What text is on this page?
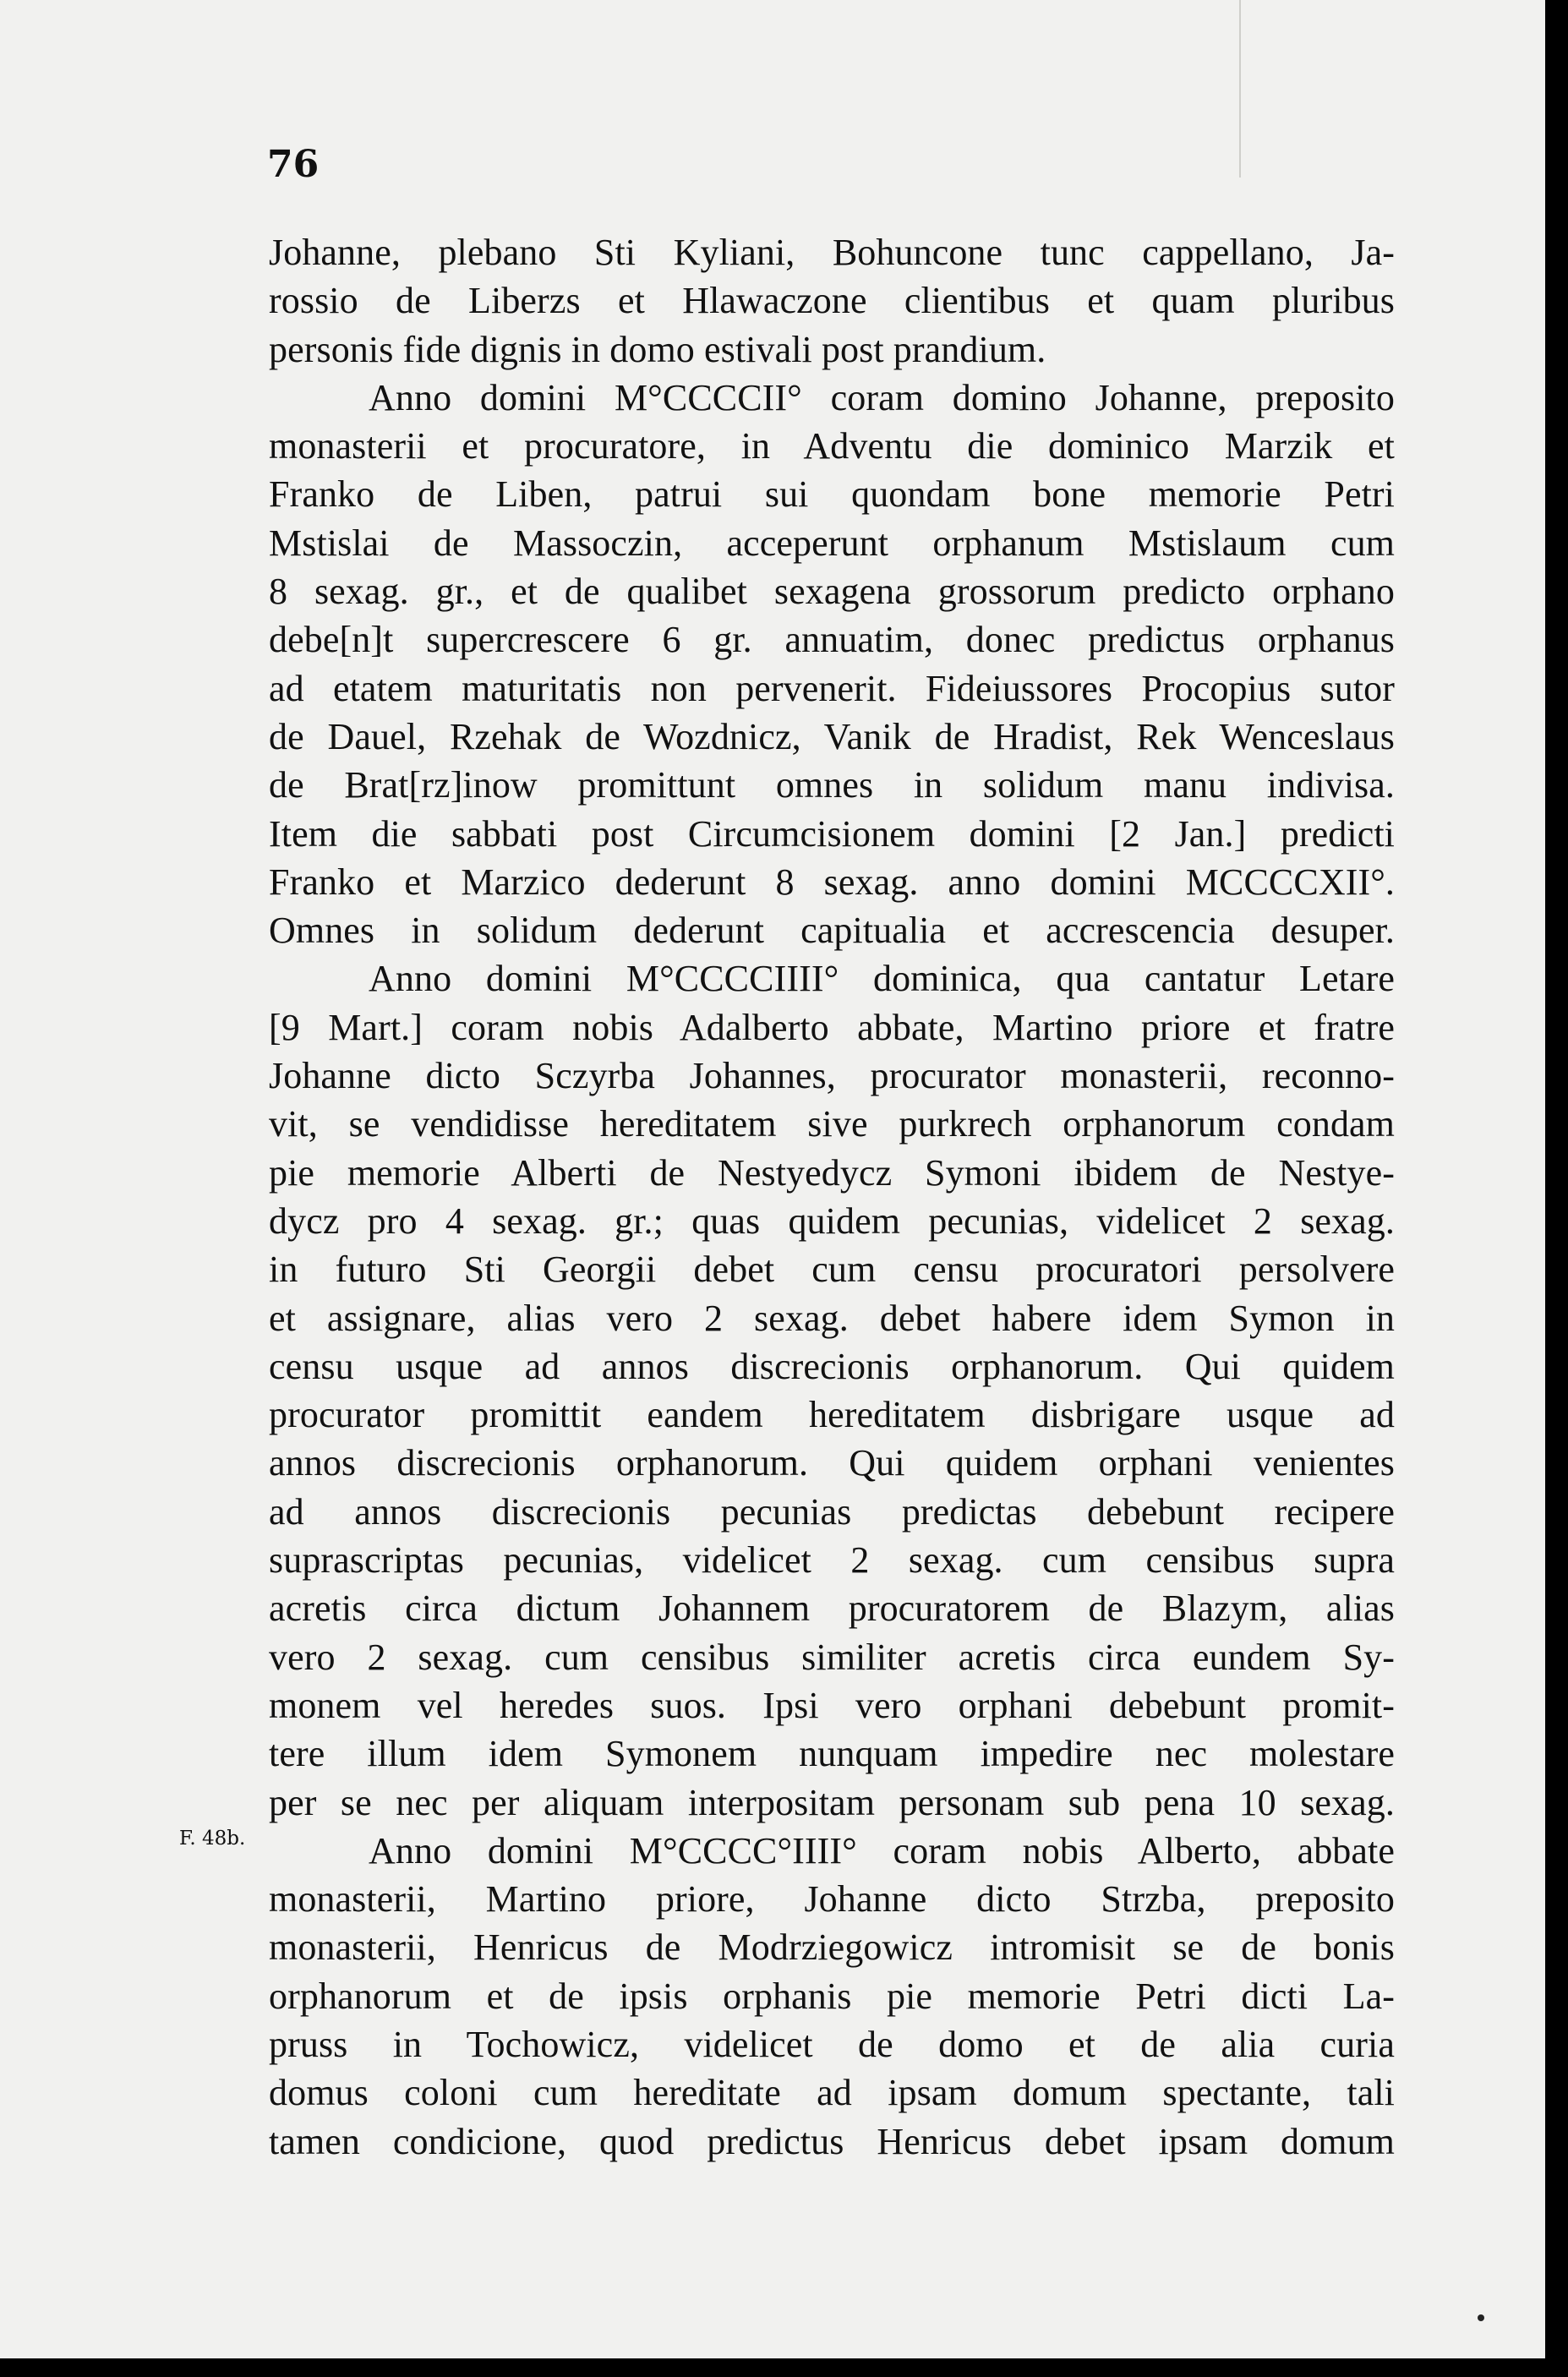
76
F. 48b.
Johanne, plebano Sti Kyliani, Bohuncone tunc cappellano, Ja-
rossio de Liberzs et Hlawaczone clientibus et quam pluribus
personis fide dignis in domo estivali post prandium.
Anno domini M°CCCCII° coram domino Johanne, preposito
monasterii et procuratore, in Adventu die dominico Marzik et
Franko de Liben, patrui sui quondam bone memorie Petri
Mstislai de Massoczin, acceperunt orphanum Mstislaum cum
8 sexag. gr., et de qualibet sexagena grossorum predicto orphano
debe[n]t supercrescere 6 gr. annuatim, donec predictus orphanus
ad etatem maturitatis non pervenerit. Fideiussores Procopius sutor
de Dauel, Rzehak de Wozdnicz, Vanik de Hradist, Rek Wenceslaus
de Brat[rz]inow promittunt omnes in solidum manu indivisa.
Item die sabbati post Circumcisionem domini [2 Jan.] predicti
Franko et Marzico dederunt 8 sexag. anno domini MCCCCXII°.
Omnes in solidum dederunt capitualia et accrescencia desuper.
Anno domini M°CCCCIIII° dominica, qua cantatur Letare
[9 Mart.] coram nobis Adalberto abbate, Martino priore et fratre
Johanne dicto Sczyrba Johannes, procurator monasterii, reconno-
vit, se vendidisse hereditatem sive purkrech orphanorum condam
pie memorie Alberti de Nestyedycz Symoni ibidem de Nestye-
dycz pro 4 sexag. gr.; quas quidem pecunias, videlicet 2 sexag.
in futuro Sti Georgii debet cum censu procuratori persolvere
et assignare, alias vero 2 sexag. debet habere idem Symon in
censu usque ad annos discrecionis orphanorum. Qui quidem
procurator promittit eandem hereditatem disbrigare usque ad
annos discrecionis orphanorum. Qui quidem orphani venientes
ad annos discrecionis pecunias predictas debebunt recipere
suprascriptas pecunias, videlicet 2 sexag. cum censibus supra
acretis circa dictum Johannem procuratorem de Blazym, alias
vero 2 sexag. cum censibus similiter acretis circa eundem Sy-
monem vel heredes suos. Ipsi vero orphani debebunt promit-
tere illum idem Symonem nunquam impedire nec molestare
per se nec per aliquam interpositam personam sub pena 10 sexag.
Anno domini M°CCCC°IIII° coram nobis Alberto, abbate
monasterii, Martino priore, Johanne dicto Strzba, preposito
monasterii, Henricus de Modrziegowicz intromisit se de bonis
orphanorum et de ipsis orphanis pie memorie Petri dicti La-
pruss in Tochowicz, videlicet de domo et de alia curia
domus coloni cum hereditate ad ipsam domum spectante, tali
tamen condicione, quod predictus Henricus debet ipsam domum
